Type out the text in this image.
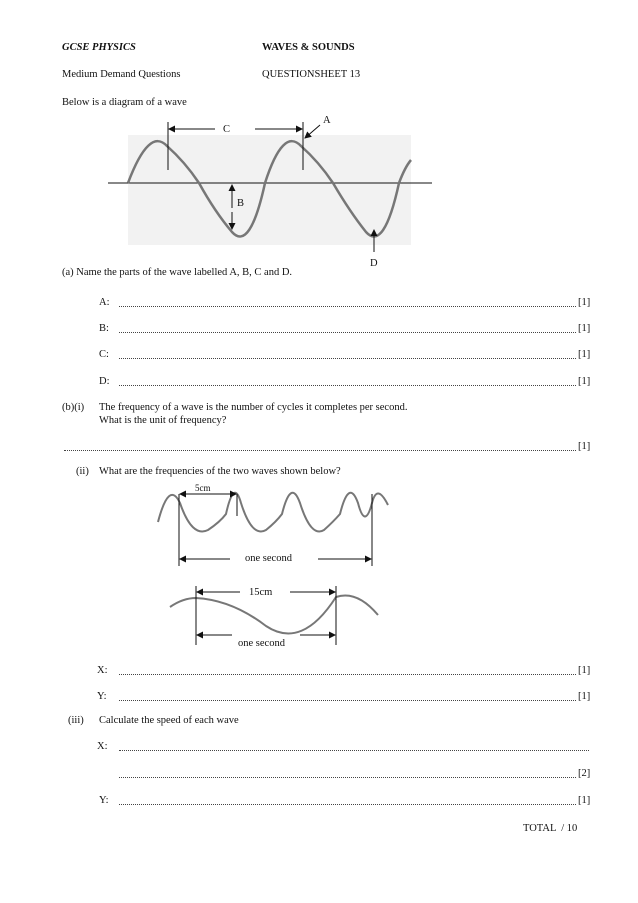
GCSE PHYSICS	WAVES & SOUNDS
Medium Demand Questions	QUESTIONSHEET 13
Below is a diagram of a wave
C
A
B
D
(a) Name the parts of the wave labelled A, B, C and D.
A:	[1]
B:	[1]
C:	[1]
D:	[1]
(b)(i) The frequency of a wave is the number of cycles it completes per second.
What is the unit of frequency?
[1]
(ii) What are the frequencies of the two waves shown below?
5cm
one second
15cm
one second
X:	[1]
Y:	[1]
(iii) Calculate the speed of each wave
X:
[2]
Y:	[1]
TOTAL  / 10
